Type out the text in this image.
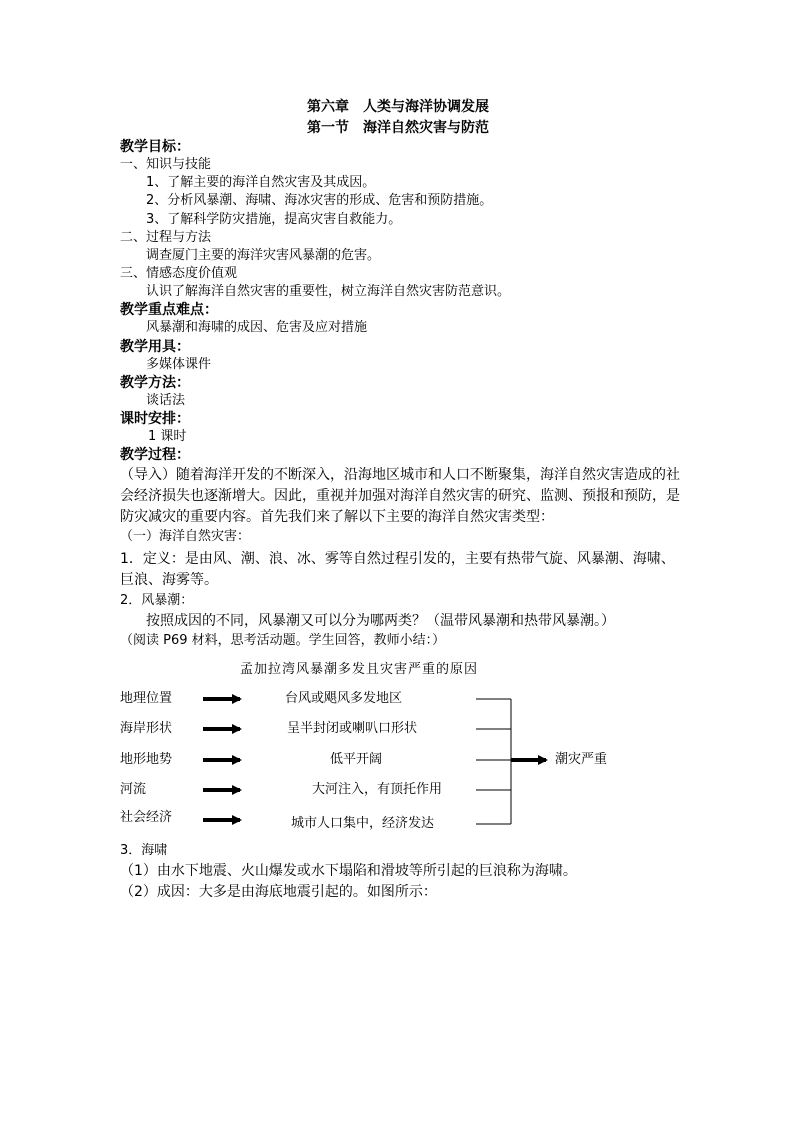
第六章　人类与海洋协调发展
第一节　海洋自然灾害与防范
教学目标：
一、知识与技能
1、了解主要的海洋自然灾害及其成因。
2、分析风暴潮、海啸、海冰灾害的形成、危害和预防措施。
3、了解科学防灾措施，提高灾害自救能力。
二、过程与方法
调查厦门主要的海洋灾害风暴潮的危害。
三、情感态度价值观
认识了解海洋自然灾害的重要性，树立海洋自然灾害防范意识。
教学重点难点：
风暴潮和海啸的成因、危害及应对措施
教学用具：
多媒体课件
教学方法：
谈话法
课时安排：
1 课时
教学过程：
（导入）随着海洋开发的不断深入，沿海地区城市和人口不断聚集，海洋自然灾害造成的社
会经济损失也逐渐增大。因此，重视并加强对海洋自然灾害的研究、监测、预报和预防，是
防灾减灾的重要内容。首先我们来了解以下主要的海洋自然灾害类型：
（一）海洋自然灾害：
1．定义：是由风、潮、浪、冰、雾等自然过程引发的，主要有热带气旋、风暴潮、海啸、
巨浪、海雾等。
2．风暴潮：
按照成因的不同，风暴潮又可以分为哪两类？（温带风暴潮和热带风暴潮。）
（阅读 P69 材料，思考活动题。学生回答，教师小结：）
孟加拉湾风暴潮多发且灾害严重的原因
地理位置
海岸形状
地形地势
河流
社会经济
台风或飓风多发地区
呈半封闭或喇叭口形状
低平开阔
大河注入，有顶托作用
城市人口集中，经济发达
潮灾严重
3．海啸
（1）由水下地震、火山爆发或水下塌陷和滑坡等所引起的巨浪称为海啸。
（2）成因：大多是由海底地震引起的。如图所示：
